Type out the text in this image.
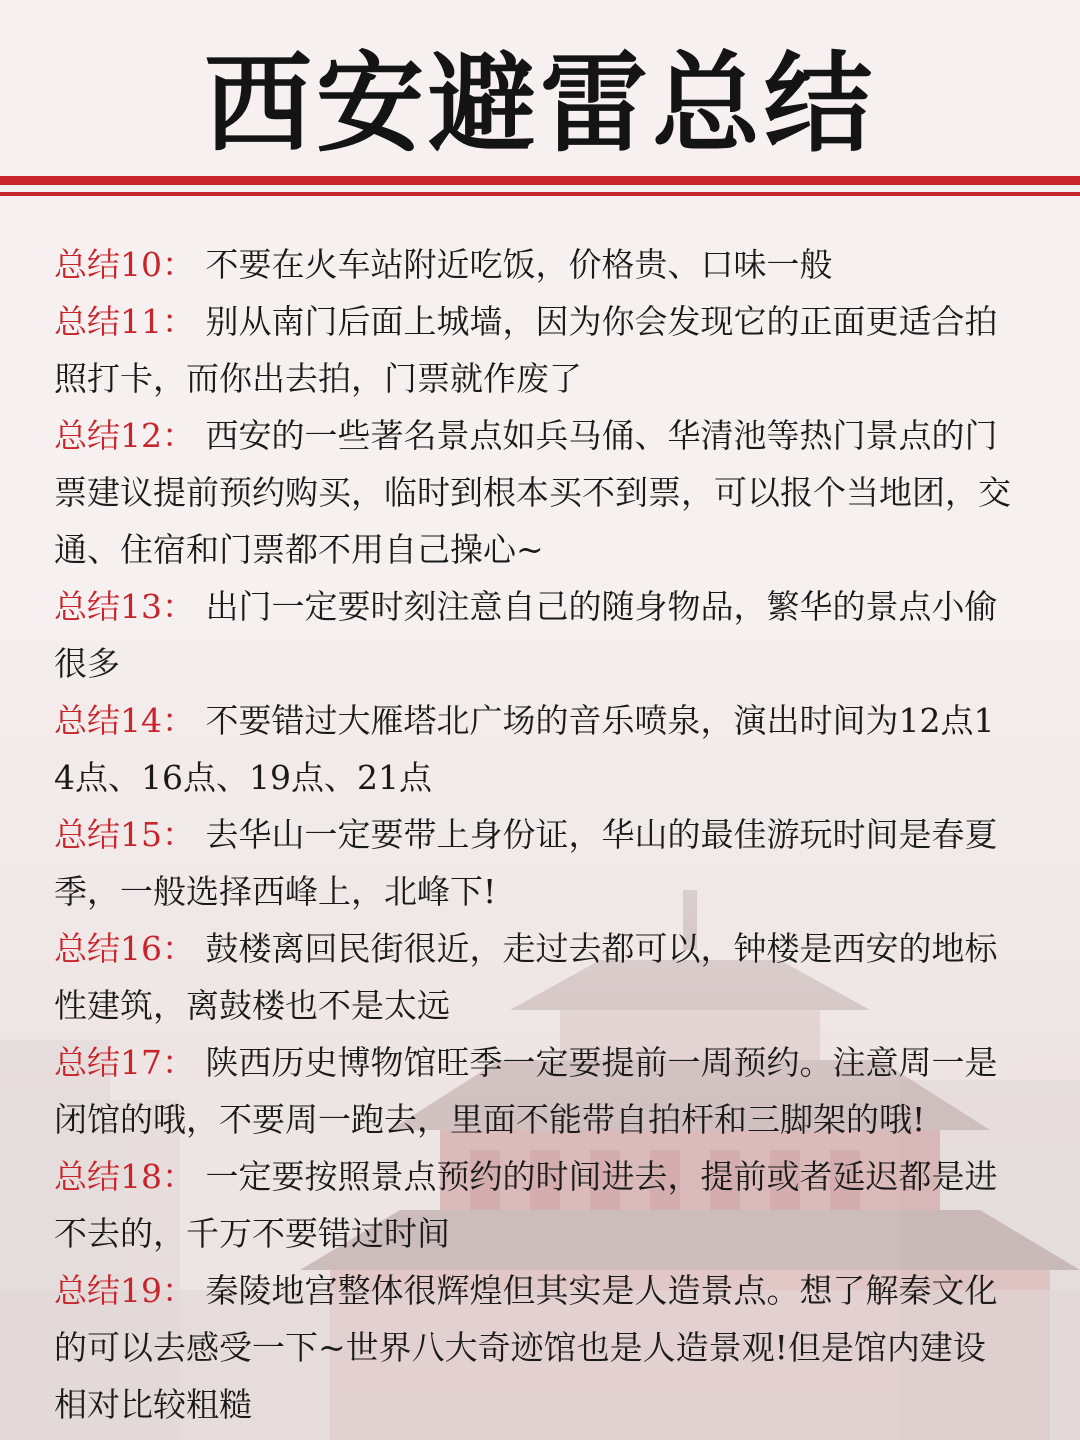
西安避雷总结
总结10： 不要在火车站附近吃饭，价格贵、口味一般
总结11： 别从南门后面上城墙，因为你会发现它的正面更适合拍照打卡，而你出去拍，门票就作废了
总结12： 西安的一些著名景点如兵马俑、华清池等热门景点的门票建议提前预约购买，临时到根本买不到票，可以报个当地团，交通、住宿和门票都不用自己操心~
总结13： 出门一定要时刻注意自己的随身物品，繁华的景点小偷很多
总结14： 不要错过大雁塔北广场的音乐喷泉，演出时间为12点14点、16点、19点、21点
总结15： 去华山一定要带上身份证，华山的最佳游玩时间是春夏季，一般选择西峰上，北峰下!
总结16： 鼓楼离回民街很近，走过去都可以，钟楼是西安的地标性建筑，离鼓楼也不是太远
总结17： 陕西历史博物馆旺季一定要提前一周预约。注意周一是闭馆的哦，不要周一跑去，里面不能带自拍杆和三脚架的哦!
总结18： 一定要按照景点预约的时间进去，提前或者延迟都是进不去的，千万不要错过时间
总结19： 秦陵地宫整体很辉煌但其实是人造景点。想了解秦文化的可以去感受一下~世界八大奇迹馆也是人造景观!但是馆内建设相对比较粗糙
